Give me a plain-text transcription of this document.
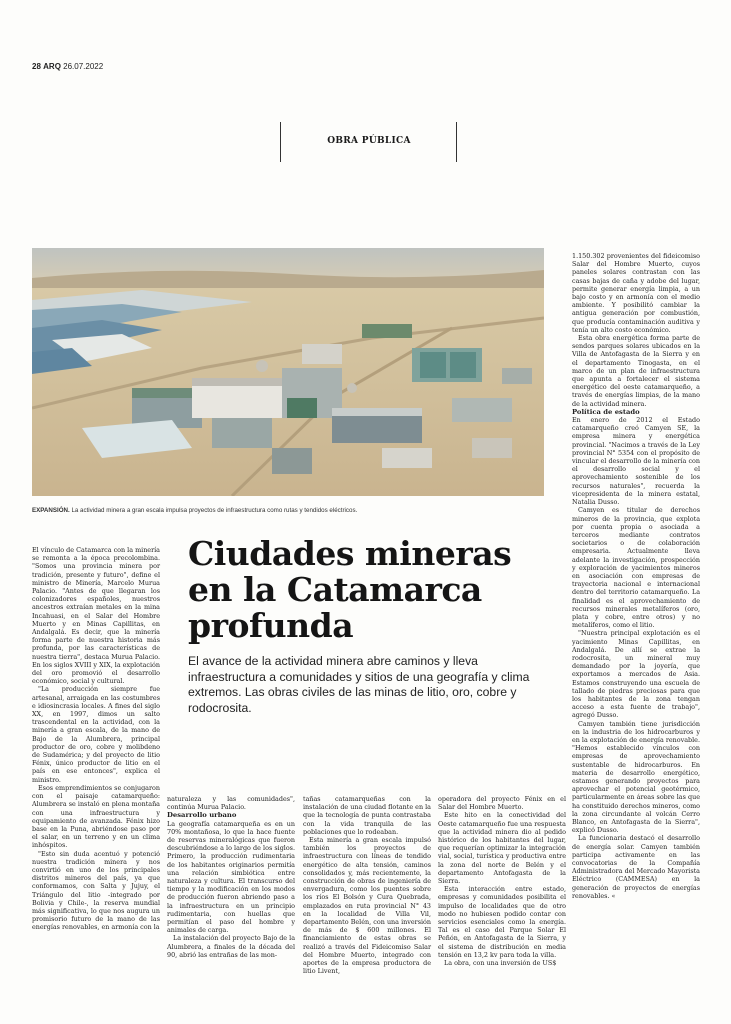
28 ARQ 26.07.2022
OBRA PÚBLICA
EXPANSIÓN. La actividad minera a gran escala impulsa proyectos de infraestructura como rutas y tendidos eléctricos.

El vínculo de Catamarca con la minería se remonta a la época precolombina. "Somos una provincia minera por tradición, presente y futuro", define el ministro de Minería, Marcelo Murua Palacio. "Antes de que llegaran los colonizadores españoles, nuestros ancestros extraían metales en la mina Incahuasi, en el Salar del Hombre Muerto y en Minas Capillitas, en Andalgalá. Es decir, que la minería forma parte de nuestra historia más profunda, por las características de nuestra tierra", destaca Murua Palacio. En los siglos XVIII y XIX, la explotación del oro promovió el desarrollo económico, social y cultural.

"La producción siempre fue artesanal, arraigada en las costumbres e idiosincrasia locales. A fines del siglo XX, en 1997, dimos un salto trascendental en la actividad, con la minería a gran escala, de la mano de Bajo de la Alumbrera, principal productor de oro, cobre y molibdeno de Sudamérica; y del proyecto de litio Fénix, único productor de litio en el país en ese entonces", explica el ministro.

Esos emprendimientos se conjugaron con el paisaje catamarqueño: Alumbrera se instaló en plena montaña con una infraestructura y equipamiento de avanzada. Fénix hizo base en la Puna, abriéndose paso por el salar, en un terreno y en un clima inhóspitos.

"Esto sin duda acentuó y potenció nuestra tradición minera y nos convirtió en uno de los principales distritos mineros del país, ya que conformamos, con Salta y Jujuy, el Triángulo del litio -integrado por Bolivia y Chile-, la reserva mundial más significativa, lo que nos augura un promisorio futuro de la mano de las energías renovables, en armonía con la

Ciudades mineras
en la Catamarca
profunda
El avance de la actividad minera abre caminos y lleva infraestructura a comunidades y sitios de una geografía y clima extremos. Las obras civiles de las minas de litio, oro, cobre y rodocrosita.

naturaleza y las comunidades", continúa Murua Palacio.

Desarrollo urbano

La geografía catamarqueña es en un 70% montañosa, lo que la hace fuente de reservas mineralógicas que fueron descubriéndose a lo largo de los siglos. Primero, la producción rudimentaria de los habitantes originarios permitía una relación simbiótica entre naturaleza y cultura. El transcurso del tiempo y la modificación en los modos de producción fueron abriendo paso a la infraestructura en un principio rudimentaria, con huellas que permitían el paso del hombre y animales de carga.

La instalación del proyecto Bajo de la Alumbrera, a finales de la década del 90, abrió las entrañas de las mon-

tañas catamarqueñas con la instalación de una ciudad flotante en la que la tecnología de punta contrastaba con la vida tranquila de las poblaciones que lo rodeaban.

Esta minería a gran escala impulsó también los proyectos de infraestructura con líneas de tendido energético de alta tensión, caminos consolidados y, más recientemente, la construcción de obras de ingeniería de envergadura, como los puentes sobre los ríos El Bolsón y Cura Quebrada, emplazados en ruta provincial N° 43 en la localidad de Villa Vil, departamento Belén, con una inversión de más de $ 600 millones. El financiamiento de estas obras se realizó a través del Fideicomiso Salar del Hombre Muerto, integrado con aportes de la empresa productora de litio Livent,

operadora del proyecto Fénix en el Salar del Hombre Muerto.

Este hito en la conectividad del Oeste catamarqueño fue una respuesta que la actividad minera dio al pedido histórico de los habitantes del lugar, que requerían optimizar la integración vial, social, turística y productiva entre la zona del norte de Belén y el departamento Antofagasta de la Sierra.

Esta interacción entre estado, empresas y comunidades posibilita el impulso de localidades que de otro modo no hubiesen podido contar con servicios esenciales como la energía. Tal es el caso del Parque Solar El Peñón, en Antofagasta de la Sierra, y el sistema de distribución en media tensión en 13,2 kv para toda la villa.

La obra, con una inversión de US$

1.150.302 provenientes del fideicomiso Salar del Hombre Muerto, cuyos paneles solares contrastan con las casas bajas de caña y adobe del lugar, permite generar energía limpia, a un bajo costo y en armonía con el medio ambiente. Y posibilitó cambiar la antigua generación por combustión, que producía contaminación auditiva y tenía un alto costo económico.

Esta obra energética forma parte de sendos parques solares ubicados en la Villa de Antofagasta de la Sierra y en el departamento Tinogasta, en el marco de un plan de infraestructura que apunta a fortalecer el sistema energético del oeste catamarqueño, a través de energías limpias, de la mano de la actividad minera.

Política de estado

En enero de 2012 el Estado catamarqueño creó Camyen SE, la empresa minera y energética provincial. "Nacimos a través de la Ley provincial N° 5354 con el propósito de vincular el desarrollo de la minería con el desarrollo social y el aprovechamiento sostenible de los recursos naturales", recuerda la vicepresidenta de la minera estatal, Natalia Dusso.

Camyen es titular de derechos mineros de la provincia, que explota por cuenta propia o asociada a terceros mediante contratos societarios o de colaboración empresaria. Actualmente lleva adelante la investigación, prospección y exploración de yacimientos mineros en asociación con empresas de trayectoria nacional e internacional dentro del territorio catamarqueño. La finalidad es el aprovechamiento de recursos minerales metalíferos (oro, plata y cobre, entre otros) y no metalíferos, como el litio.

"Nuestra principal explotación es el yacimiento Minas Capillitas, en Andalgalá. De allí se extrae la rodocrosita, un mineral muy demandado por la joyería, que exportamos a mercados de Asia. Estamos construyendo una escuela de tallado de piedras preciosas para que los habitantes de la zona tengan acceso a esta fuente de trabajo", agregó Dusso.

Camyen también tiene jurisdicción en la industria de los hidrocarburos y en la explotación de energía renovable. "Hemos establecido vínculos con empresas de aprovechamiento sustentable de hidrocarburos. En materia de desarrollo energético, estamos generando proyectos para aprovechar el potencial geotérmico, particularmente en áreas sobre las que ha constituido derechos mineros, como la zona circundante al volcán Cerro Blanco, en Antofagasta de la Sierra", explicó Dusso.

La funcionaria destacó el desarrollo de energía solar. Camyen también participa activamente en las convocatorias de la Compañía Administradora del Mercado Mayorista Eléctrico (CAMMESA) en la generación de proyectos de energías renovables. «
